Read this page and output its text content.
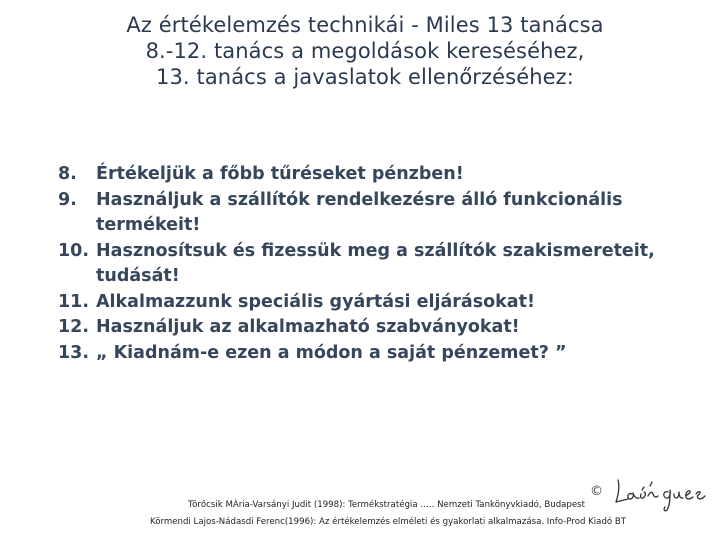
Az értékelemzés technikái - Miles 13 tanácsa
8.-12. tanács a megoldások kereséséhez,
13. tanács a javaslatok ellenőrzéséhez:
8. Értékeljük a főbb tűréseket pénzben!
9. Használjuk a szállítók rendelkezésre álló funkcionális termékeit!
10. Hasznosítsuk és fizessük meg a szállítók szakismereteit, tudását!
11. Alkalmazzunk speciális gyártási eljárásokat!
12. Használjuk az alkalmazható szabványokat!
13. „ Kiadnám-e ezen a módon a saját pénzemet? ”
Törőcsik MÁria-Varsányi Judit (1998): Termékstratégia ….. Nemzeti Tankönyvkiadó, Budapest
Körmendi Lajos-Nádasdi Ferenc(1996): Az értékelemzés elméleti és gyakorlati alkalmazása. Info-Prod Kiadó BT
©
